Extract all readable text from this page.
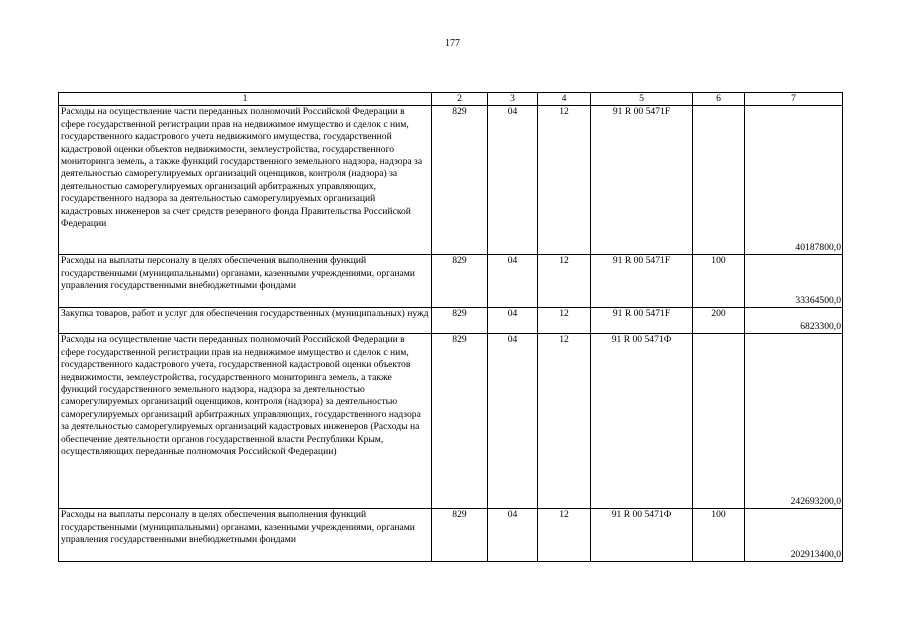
177
1	2	3	4	5	6	7
Расходы на осуществление части переданных полномочий Российской Федерации в сфере государственной регистрации прав на недвижимое имущество и сделок с ним, государственного кадастрового учета недвижимого имущества, государственной кадастровой оценки объектов недвижимости, землеустройства, государственного мониторинга земель, а также функций государственного земельного надзора, надзора за деятельностью саморегулируемых организаций оценщиков, контроля (надзора) за деятельностью саморегулируемых организаций арбитражных управляющих, государственного надзора за деятельностью саморегулируемых организаций кадастровых инженеров за счет средств резервного фонда Правительства Российской Федерации	829	04	12	91 R 00 5471F		40187800,0
Расходы на выплаты персоналу в целях обеспечения выполнения функций государственными (муниципальными) органами, казенными учреждениями, органами управления государственными внебюджетными фондами	829	04	12	91 R 00 5471F	100	33364500,0
Закупка товаров, работ и услуг для обеспечения государственных (муниципальных) нужд	829	04	12	91 R 00 5471F	200	6823300,0
Расходы на осуществление части переданных полномочий Российской Федерации в сфере государственной регистрации прав на недвижимое имущество и сделок с ним, государственного кадастрового учета, государственной кадастровой оценки объектов недвижимости, землеустройства, государственного мониторинга земель, а также функций государственного земельного надзора, надзора за деятельностью саморегулируемых организаций оценщиков, контроля (надзора) за деятельностью саморегулируемых организаций арбитражных управляющих, государственного надзора за деятельностью саморегулируемых организаций кадастровых инженеров (Расходы на обеспечение деятельности органов государственной власти Республики Крым, осуществляющих переданные полномочия Российской Федерации)	829	04	12	91 R 00 5471Ф		242693200,0
Расходы на выплаты персоналу в целях обеспечения выполнения функций государственными (муниципальными) органами, казенными учреждениями, органами управления государственными внебюджетными фондами	829	04	12	91 R 00 5471Ф	100	202913400,0
